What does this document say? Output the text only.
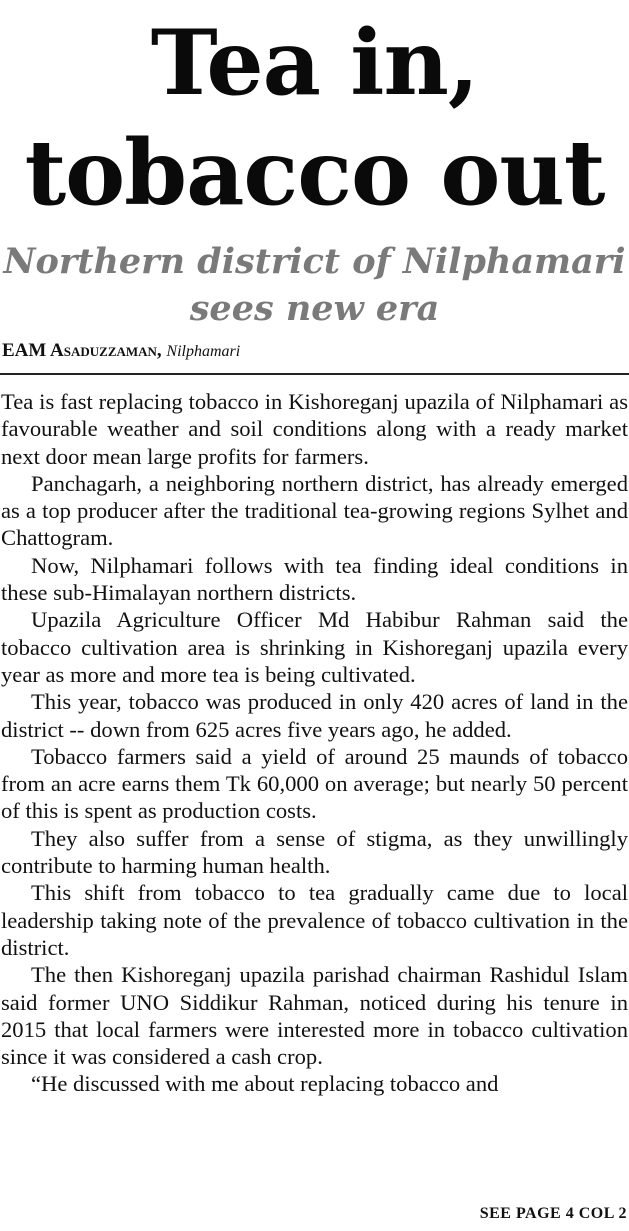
Tea in,
tobacco out
Northern district of Nilphamari
sees new era
EAM Asaduzzaman, Nilphamari

Tea is fast replacing tobacco in Kishoreganj upazila of Nilphamari as favourable weather and soil conditions along with a ready market next door mean large profits for farmers.

Panchagarh, a neighboring northern district, has already emerged as a top producer after the traditional tea-growing regions Sylhet and Chattogram.

Now, Nilphamari follows with tea finding ideal conditions in these sub-Himalayan northern districts.

Upazila Agriculture Officer Md Habibur Rahman said the tobacco cultivation area is shrinking in Kishoreganj upazila every year as more and more tea is being cultivated.

This year, tobacco was produced in only 420 acres of land in the district -- down from 625 acres five years ago, he added.

Tobacco farmers said a yield of around 25 maunds of tobacco from an acre earns them Tk 60,000 on average; but nearly 50 percent of this is spent as production costs.

They also suffer from a sense of stigma, as they unwillingly contribute to harming human health.

This shift from tobacco to tea gradually came due to local leadership taking note of the prevalence of tobacco cultivation in the district.

The then Kishoreganj upazila parishad chairman Rashidul Islam said former UNO Siddikur Rahman, noticed during his tenure in 2015 that local farmers were interested more in tobacco cultivation since it was considered a cash crop.

“He discussed with me about replacing tobacco and

SEE PAGE 4 COL 2
